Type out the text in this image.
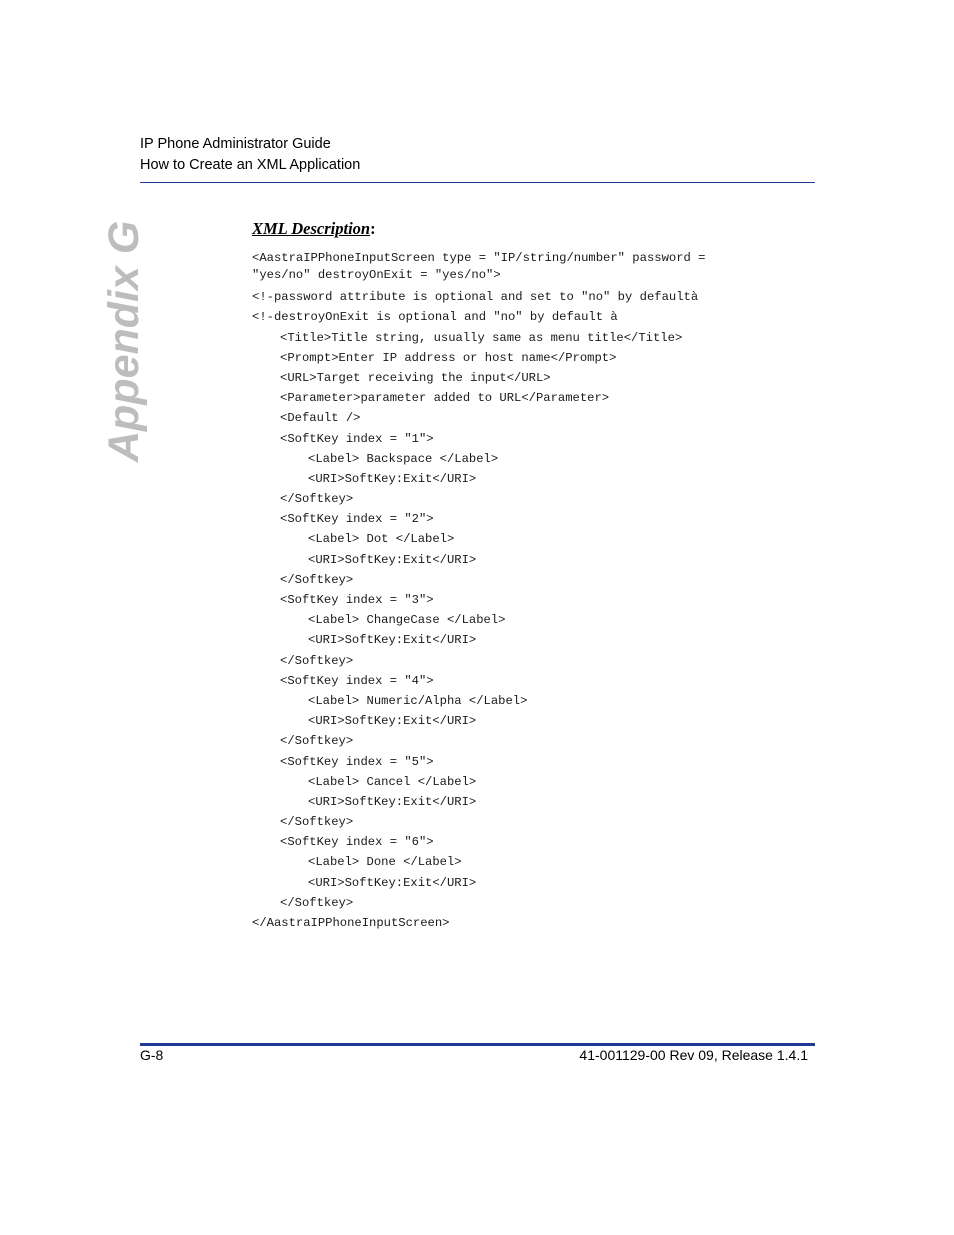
IP Phone Administrator Guide
How to Create an XML Application
Appendix G	XML Description:
<AastraIPPhoneInputScreen type = "IP/string/number" password =
"yes/no" destroyOnExit = "yes/no">
<!-password attribute is optional and set to "no" by defaultà
<!-destroyOnExit is optional and "no" by default à
<Title>Title string, usually same as menu title</Title>
<Prompt>Enter IP address or host name</Prompt>
<URL>Target receiving the input</URL>
<Parameter>parameter added to URL</Parameter>
<Default />
<SoftKey index = "1">
<Label> Backspace </Label>
<URI>SoftKey:Exit</URI>
</Softkey>
<SoftKey index = "2">
<Label> Dot </Label>
<URI>SoftKey:Exit</URI>
</Softkey>
<SoftKey index = "3">
<Label> ChangeCase </Label>
<URI>SoftKey:Exit</URI>
</Softkey>
<SoftKey index = "4">
<Label> Numeric/Alpha </Label>
<URI>SoftKey:Exit</URI>
</Softkey>
<SoftKey index = "5">
<Label> Cancel </Label>
<URI>SoftKey:Exit</URI>
</Softkey>
<SoftKey index = "6">
<Label> Done </Label>
<URI>SoftKey:Exit</URI>
</Softkey>
</AastraIPPhoneInputScreen>
G-8	41-001129-00 Rev 09, Release 1.4.1
